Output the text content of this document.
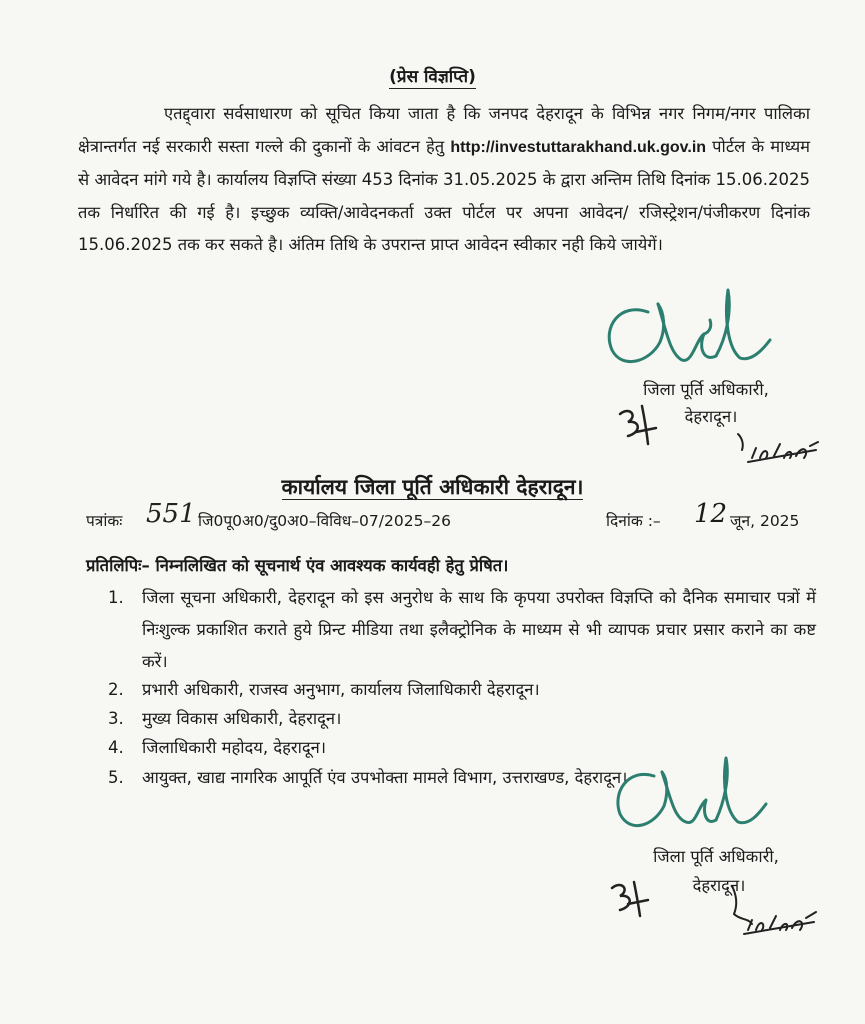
(प्रेस विज्ञप्ति)
एतद्द्वारा सर्वसाधारण को सूचित किया जाता है कि जनपद देहरादून के विभिन्न नगर निगम/नगर पालिका क्षेत्रान्तर्गत नई सरकारी सस्ता गल्ले की दुकानों के आंवटन हेतु http://investuttarakhand.uk.gov.in पोर्टल के माध्यम से आवेदन मांगे गये है। कार्यालय विज्ञप्ति संख्या 453 दिनांक 31.05.2025 के द्वारा अन्तिम तिथि दिनांक 15.06.2025 तक निर्धारित की गई है। इच्छुक व्यक्ति/आवेदनकर्ता उक्त पोर्टल पर अपना आवेदन/ रजिस्ट्रेशन/पंजीकरण दिनांक 15.06.2025 तक कर सकते है। अंतिम तिथि के उपरान्त प्राप्त आवेदन स्वीकार नही किये जायेगें।
जिला पूर्ति अधिकारी,
देहरादून।
कार्यालय जिला पूर्ति अधिकारी देहरादून।
पत्रांकः 551 जि0पू0अ0/दु0अ0–विविध–07/2025–26	दिनांक :– 12 जून, 2025
प्रतिलिपिः– निम्नलिखित को सूचनार्थ एंव आवश्यक कार्यवही हेतु प्रेषित।
1.	जिला सूचना अधिकारी, देहरादून को इस अनुरोध के साथ कि कृपया उपरोक्त विज्ञप्ति को दैनिक समाचार पत्रों में निःशुल्क प्रकाशित कराते हुये प्रिन्ट मीडिया तथा इलैक्ट्रोनिक के माध्यम से भी व्यापक प्रचार प्रसार कराने का कष्ट करें।
2.	प्रभारी अधिकारी, राजस्व अनुभाग, कार्यालय जिलाधिकारी देहरादून।
3.	मुख्य विकास अधिकारी, देहरादून।
4.	जिलाधिकारी महोदय, देहरादून।
5.	आयुक्त, खाद्य नागरिक आपूर्ति एंव उपभोक्ता मामले विभाग, उत्तराखण्ड, देहरादून।
जिला पूर्ति अधिकारी,
देहरादून।
